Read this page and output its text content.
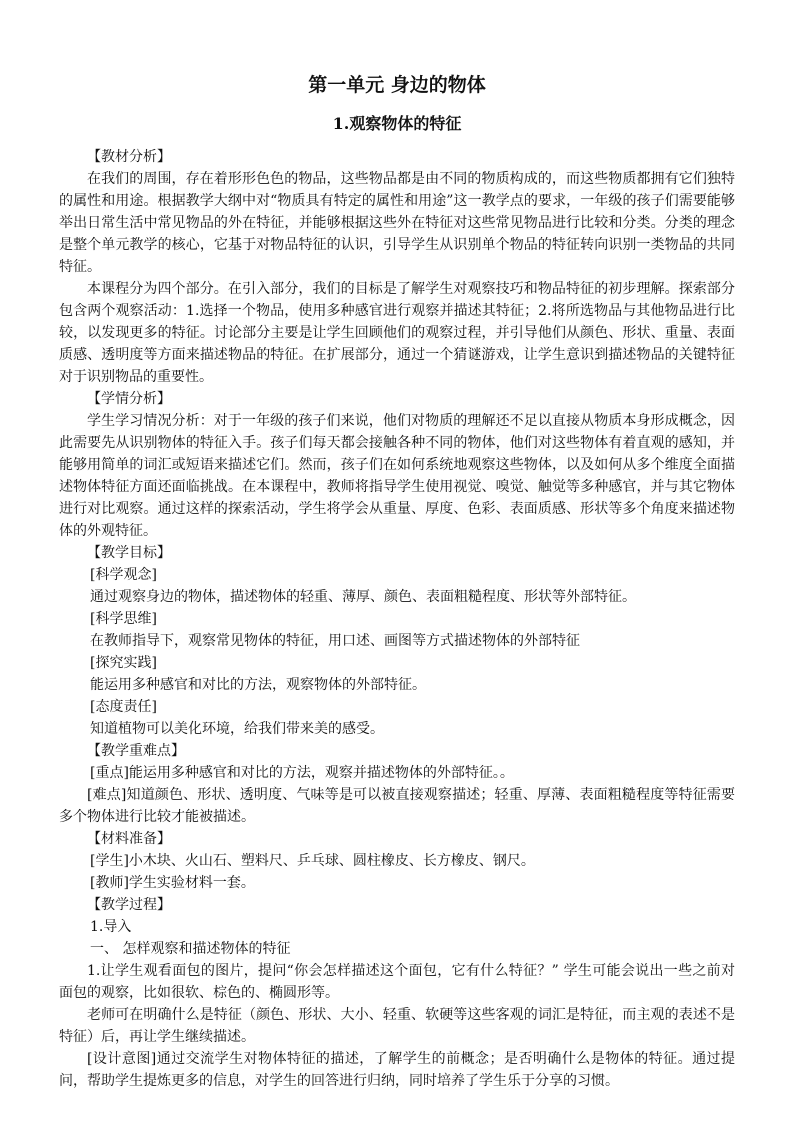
第一单元 身边的物体
1.观察物体的特征

【教材分析】

在我们的周围，存在着形形色色的物品，这些物品都是由不同的物质构成的，而这些物质都拥有它们独特的属性和用途。根据教学大纲中对“物质具有特定的属性和用途”这一教学点的要求，一年级的孩子们需要能够举出日常生活中常见物品的外在特征，并能够根据这些外在特征对这些常见物品进行比较和分类。分类的理念是整个单元教学的核心，它基于对物品特征的认识，引导学生从识别单个物品的特征转向识别一类物品的共同特征。

本课程分为四个部分。在引入部分，我们的目标是了解学生对观察技巧和物品特征的初步理解。探索部分包含两个观察活动：1.选择一个物品，使用多种感官进行观察并描述其特征；2.将所选物品与其他物品进行比较，以发现更多的特征。讨论部分主要是让学生回顾他们的观察过程，并引导他们从颜色、形状、重量、表面质感、透明度等方面来描述物品的特征。在扩展部分，通过一个猜谜游戏，让学生意识到描述物品的关键特征对于识别物品的重要性。

【学情分析】

学生学习情况分析：对于一年级的孩子们来说，他们对物质的理解还不足以直接从物质本身形成概念，因此需要先从识别物体的特征入手。孩子们每天都会接触各种不同的物体，他们对这些物体有着直观的感知，并能够用简单的词汇或短语来描述它们。然而，孩子们在如何系统地观察这些物体，以及如何从多个维度全面描述物体特征方面还面临挑战。在本课程中，教师将指导学生使用视觉、嗅觉、触觉等多种感官，并与其它物体进行对比观察。通过这样的探索活动，学生将学会从重量、厚度、色彩、表面质感、形状等多个角度来描述物体的外观特征。

【教学目标】

[科学观念]

通过观察身边的物体，描述物体的轻重、薄厚、颜色、表面粗糙程度、形状等外部特征。

[科学思维]

在教师指导下，观察常见物体的特征，用口述、画图等方式描述物体的外部特征

[探究实践]

能运用多种感官和对比的方法，观察物体的外部特征。

[态度责任]

知道植物可以美化环境，给我们带来美的感受。

【教学重难点】

[重点]能运用多种感官和对比的方法，观察并描述物体的外部特征。。

[难点]知道颜色、形状、透明度、气味等是可以被直接观察描述；轻重、厚薄、表面粗糙程度等特征需要多个物体进行比较才能被描述。

【材料准备】

[学生]小木块、火山石、塑料尺、乒乓球、圆柱橡皮、长方橡皮、钢尺。

[教师]学生实验材料一套。

【教学过程】

1.导入

一、 怎样观察和描述物体的特征

1.让学生观看面包的图片，提问“你会怎样描述这个面包，它有什么特征？” 学生可能会说出一些之前对面包的观察，比如很软、棕色的、椭圆形等。

老师可在明确什么是特征（颜色、形状、大小、轻重、软硬等这些客观的词汇是特征，而主观的表述不是特征）后，再让学生继续描述。

[设计意图]通过交流学生对物体特征的描述，了解学生的前概念；是否明确什么是物体的特征。通过提问，帮助学生提炼更多的信息，对学生的回答进行归纳，同时培养了学生乐于分享的习惯。
